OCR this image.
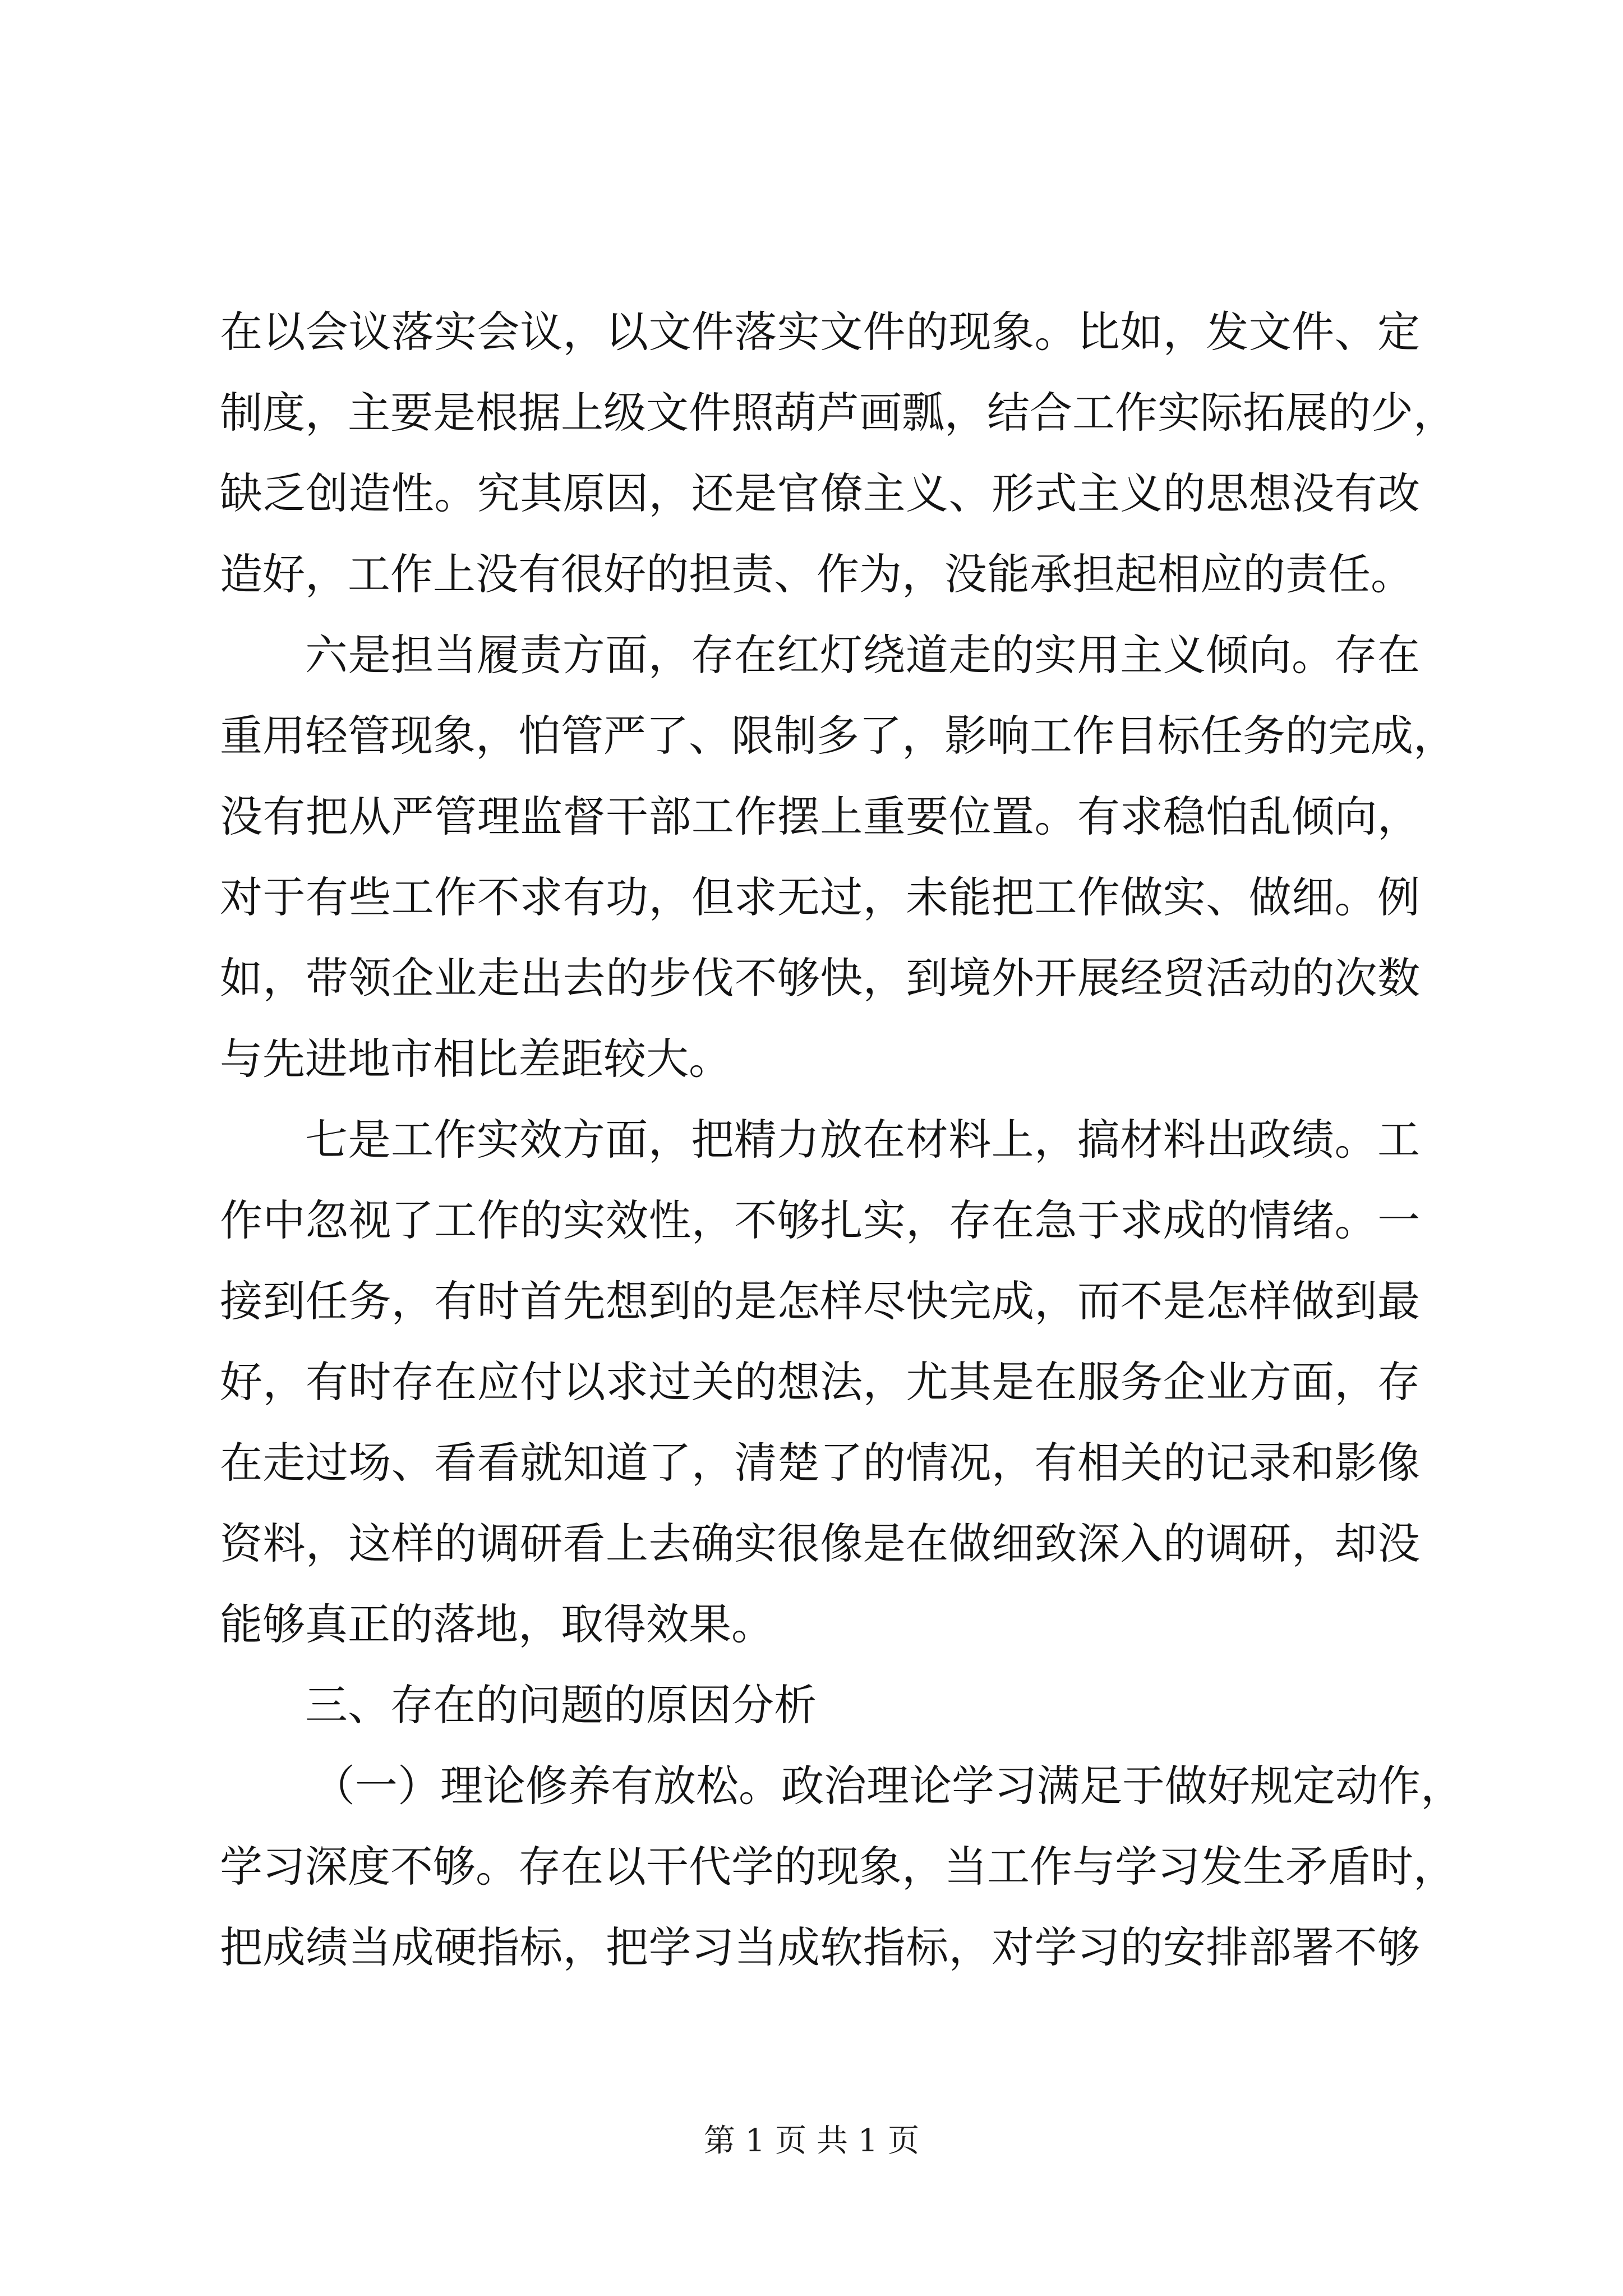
在以会议落实会议，以文件落实文件的现象。比如，发文件、定
制度，主要是根据上级文件照葫芦画瓢，结合工作实际拓展的少，
缺乏创造性。究其原因，还是官僚主义、形式主义的思想没有改
造好，工作上没有很好的担责、作为，没能承担起相应的责任。
六是担当履责方面，存在红灯绕道走的实用主义倾向。存在
重用轻管现象，怕管严了、限制多了，影响工作目标任务的完成，
没有把从严管理监督干部工作摆上重要位置。有求稳怕乱倾向，
对于有些工作不求有功，但求无过，未能把工作做实、做细。例
如，带领企业走出去的步伐不够快，到境外开展经贸活动的次数
与先进地市相比差距较大。
七是工作实效方面，把精力放在材料上，搞材料出政绩。工
作中忽视了工作的实效性，不够扎实，存在急于求成的情绪。一
接到任务，有时首先想到的是怎样尽快完成，而不是怎样做到最
好，有时存在应付以求过关的想法，尤其是在服务企业方面，存
在走过场、看看就知道了，清楚了的情况，有相关的记录和影像
资料，这样的调研看上去确实很像是在做细致深入的调研，却没
能够真正的落地，取得效果。
三、存在的问题的原因分析
（一）理论修养有放松。政治理论学习满足于做好规定动作，
学习深度不够。存在以干代学的现象，当工作与学习发生矛盾时，
把成绩当成硬指标，把学习当成软指标，对学习的安排部署不够
第 1 页 共 1 页
